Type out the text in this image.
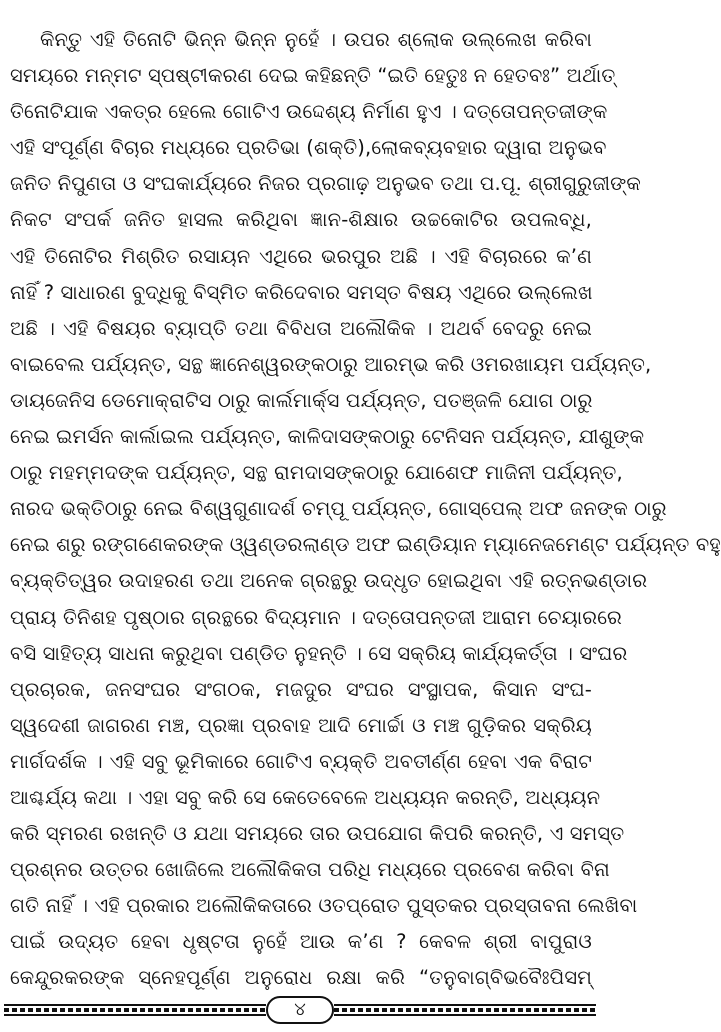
କିନ୍ତୁ ଏହି ତିନୋଟି ଭିନ୍ନ ଭିନ୍ନ ନୁହେଁ । ଉପର ଶ୍ଲୋକ ଉଲ୍ଲେଖ କରିବା
ସମୟରେ ମନ୍ମଟ ସ୍ପଷ୍ଟୀକରଣ ଦେଇ କହିଛନ୍ତି “ଇତି ହେତୁଃ ନ ହେତବଃ” ଅର୍ଥାତ୍
ତିନୋଟିଯାକ ଏକତ୍ର ହେଲେ ଗୋଟିଏ ଉଦ୍ଦେଶ୍ୟ ନିର୍ମାଣ ହୁଏ । ଦତ୍ତୋପନ୍ତଜୀଙ୍କ
ଏହି ସଂପୂର୍ଣ୍ଣ ବିଚାର ମଧ୍ୟରେ ପ୍ରତିଭା (ଶକ୍ତି),ଲୋକବ୍ୟବହାର ଦ୍ୱାରା ଅନୁଭବ
ଜନିତ ନିପୁଣତା ଓ ସଂଘକାର୍ଯ୍ୟରେ ନିଜର ପ୍ରଗାଢ଼ ଅନୁଭବ ତଥା ପ.ପୂ. ଶ୍ରୀଗୁରୁଜୀଙ୍କ
ନିକଟ ସଂପର୍କ ଜନିତ ହାସଲ କରିଥିବା ଜ୍ଞାନ-ଶିକ୍ଷାର ଉଚ୍ଚକୋଟିର ଉପଲବ୍ଧି,
ଏହି ତିନୋଟିର ମିଶ୍ରିତ ରସାୟନ ଏଥିରେ ଭରପୁର ଅଛି । ଏହି ବିଚାରରେ କ’ଣ
ନାହିଁ ? ସାଧାରଣ ବୁଦ୍ଧିକୁ ବିସ୍ମିତ କରିଦେବାର ସମସ୍ତ ବିଷୟ ଏଥିରେ ଉଲ୍ଲେଖ
ଅଛି । ଏହି ବିଷୟର ବ୍ୟାପ୍ତି ତଥା ବିବିଧତା ଅଲୌକିକ । ଅଥର୍ବ ବେଦରୁ ନେଇ
ବାଇବେଲ ପର୍ଯ୍ୟନ୍ତ, ସନ୍ଥ ଜ୍ଞାନେଶ୍ୱରଙ୍କଠାରୁ ଆରମ୍ଭ କରି ଓମରଖାୟମ ପର୍ଯ୍ୟନ୍ତ,
ଡାୟଜେନିସ ଡେମୋକ୍ରାଟିସ ଠାରୁ କାର୍ଲମାର୍କ୍ସ ପର୍ଯ୍ୟନ୍ତ, ପତଞ୍ଜଳି ଯୋଗ ଠାରୁ
ନେଇ ଇମର୍ସନ କାର୍ଲାଇଲ ପର୍ଯ୍ୟନ୍ତ, କାଳିଦାସଙ୍କଠାରୁ ଟେନିସନ ପର୍ଯ୍ୟନ୍ତ, ଯୀଶୁଙ୍କ
ଠାରୁ ମହମ୍ମଦଙ୍କ ପର୍ଯ୍ୟନ୍ତ, ସନ୍ଥ ରାମଦାସଙ୍କଠାରୁ ଯୋଶେଫ ମାଜିନୀ ପର୍ଯ୍ୟନ୍ତ,
ନାରଦ ଭକ୍ତିଠାରୁ ନେଇ ବିଶ୍ୱଗୁଣାଦର୍ଶ ଚମ୍ପୂ ପର୍ଯ୍ୟନ୍ତ, ଗୋସ୍ପେଲ୍ ଅଫ ଜନଙ୍କ ଠାରୁ
ନେଇ ଶରୁ ରଙ୍ଗଣେକରଙ୍କ ଓ୍ୱଣ୍ଡରଲାଣ୍ଡ ଅଫ ଇଣ୍ଡିୟାନ ମ୍ୟାନେଜମେଣ୍ଟ ପର୍ଯ୍ୟନ୍ତ ବହୁ
ବ୍ୟକ୍ତିତ୍ୱର ଉଦାହରଣ ତଥା ଅନେକ ଗ୍ରନ୍ଥରୁ ଉଦ୍ଧୃତ ହୋଇଥିବା ଏହି ରତ୍ନଭଣ୍ଡାର
ପ୍ରାୟ ତିନିଶହ ପୃଷ୍ଠାର ଗ୍ରନ୍ଥରେ ବିଦ୍ୟମାନ । ଦତ୍ତୋପନ୍ତଜୀ ଆରାମ ଚେୟାରରେ
ବସି ସାହିତ୍ୟ ସାଧନା କରୁଥିବା ପଣ୍ଡିତ ନୁହନ୍ତି । ସେ ସକ୍ରିୟ କାର୍ଯ୍ୟକର୍ତ୍ତା । ସଂଘର
ପ୍ରଚାରକ, ଜନସଂଘର ସଂଗଠକ, ମଜଦୁର ସଂଘର ସଂସ୍ଥାପକ, କିସାନ ସଂଘ-
ସ୍ୱଦେଶୀ ଜାଗରଣ ମଞ୍ଚ, ପ୍ରଜ୍ଞା ପ୍ରବାହ ଆଦି ମୋର୍ଚ୍ଚା ଓ ମଞ୍ଚ ଗୁଡ଼ିକର ସକ୍ରିୟ
ମାର୍ଗଦର୍ଶକ । ଏହି ସବୁ ଭୂମିକାରେ ଗୋଟିଏ ବ୍ୟକ୍ତି ଅବତୀର୍ଣ୍ଣ ହେବା ଏକ ବିରାଟ
ଆଶ୍ଚର୍ଯ୍ୟ କଥା । ଏହା ସବୁ କରି ସେ କେତେବେଳେ ଅଧ୍ୟୟନ କରନ୍ତି, ଅଧ୍ୟୟନ
କରି ସ୍ମରଣ ରଖନ୍ତି ଓ ଯଥା ସମୟରେ ତାର ଉପଯୋଗ କିପରି କରନ୍ତି, ଏ ସମସ୍ତ
ପ୍ରଶ୍ନର ଉତ୍ତର ଖୋଜିଲେ ଅଲୌକିକତା ପରିଧି ମଧ୍ୟରେ ପ୍ରବେଶ କରିବା ବିନା
ଗତି ନାହିଁ । ଏହି ପ୍ରକାର ଅଲୌକିକତାରେ ଓତପ୍ରୋତ ପୁସ୍ତକର ପ୍ରସ୍ତାବନା ଲେଖିବା
ପାଇଁ ଉଦ୍ୟତ ହେବା ଧୃଷ୍ଟତା ନୁହେଁ ଆଉ କ’ଣ ? କେବଳ ଶ୍ରୀ ବାପୁରାଓ
କେନ୍ଦୁରକରଙ୍କ ସ୍ନେହପୂର୍ଣ୍ଣ ଅନୁରୋଧ ରକ୍ଷା କରି “ତନୁବାଗ୍‌ବିଭବୈଃପିସମ୍
୪
